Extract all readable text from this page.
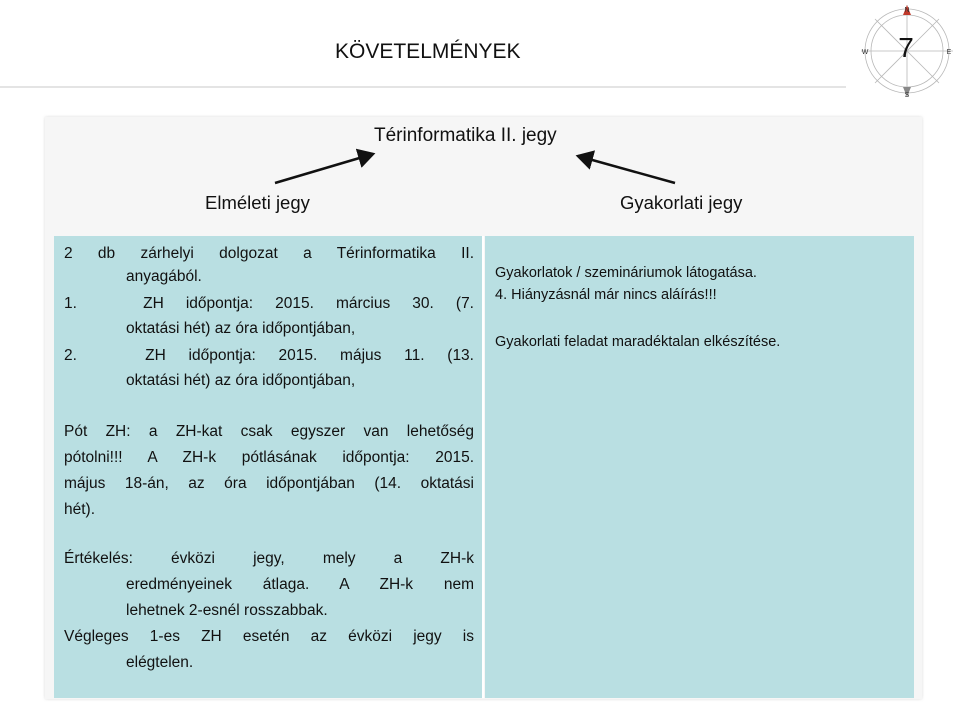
KÖVETELMÉNYEK
N
S
W	E
7
Térinformatika II. jegy
Elméleti jegy	Gyakorlati jegy

2 db zárhelyi dolgozat a Térinformatika II.

anyagából.

1.   ZH időpontja: 2015. március 30. (7.

oktatási hét) az óra időpontjában,

2.   ZH időpontja: 2015. május 11. (13.

oktatási hét) az óra időpontjában,

Pót ZH: a ZH-kat csak egyszer van lehetőség

pótolni!!! A ZH-k pótlásának időpontja: 2015.

május 18-án, az óra időpontjában (14. oktatási

hét).

Értékelés: évközi jegy, mely a ZH-k

eredményeinek átlaga. A ZH-k nem

lehetnek 2-esnél rosszabbak.

Végleges 1-es ZH esetén az évközi jegy is

elégtelen.

Gyakorlatok / szemináriumok látogatása.
4. Hiányzásnál már nincs aláírás!!!
Gyakorlati feladat maradéktalan elkészítése.
